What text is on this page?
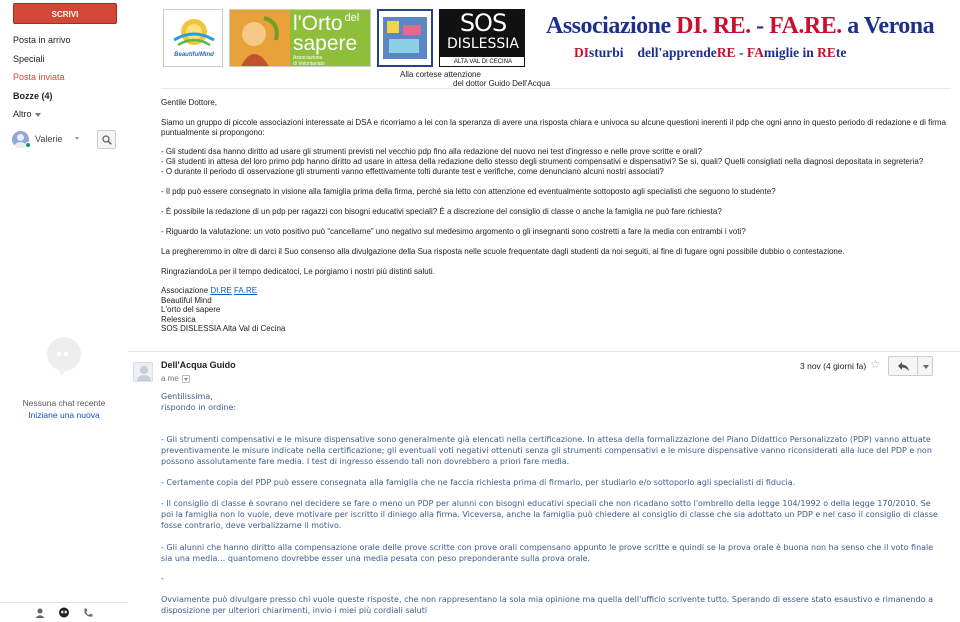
SCRIVI
Posta in arrivo
Speciali
Posta inviata
Bozze (4)
Altro
Valerie
Nessuna chat recente
Iniziane una nuova
BeautifulMind
l'Orto $^{del}$
sapere
Associazione
di Volontariato
SOS
DISLESSIA
ALTA VAL DI CECINA
Associazione DI. RE. - FA.RE. a Verona
DIsturbi dell'apprendeRE - FAmiglie in REte
Alla cortese attenzione
del dottor Guido Dell'Acqua
Gentile Dottore,
Siamo un gruppo di piccole associazioni interessate ai DSA e ricorriamo a lei con la speranza di avere una risposta chiara e univoca su alcune questioni inerenti il pdp che ogni anno in questo periodo di redazione e di firma puntualmente si propongono:
- Gli studenti dsa hanno diritto ad usare gli strumenti previsti nel vecchio pdp fino alla redazione del nuovo nei test d'ingresso e nelle prove scritte e orali?
- Gli studenti in attesa del loro primo pdp hanno diritto ad usare in attesa della redazione dello stesso degli strumenti compensativi e dispensativi? Se sì, quali? Quelli consigliati nella diagnosi depositata in segreteria?
- O durante il periodo di osservazione gli strumenti vanno effettivamente tolti durante test e verifiche, come denunciano alcuni nostri associati?
- Il pdp può essere consegnato in visione alla famiglia prima della firma, perché sia letto con attenzione ed eventualmente sottoposto agli specialisti che seguono lo studente?
- È possibile la redazione di un pdp per ragazzi con bisogni educativi speciali? È a discrezione del consiglio di classe o anche la famiglia ne può fare richiesta?
- Riguardo la valutazione: un voto positivo può “cancellarne” uno negativo sul medesimo argomento o gli insegnanti sono costretti a fare la media con entrambi i voti?
La pregheremmo in oltre di darci il Suo consenso alla divulgazione della Sua risposta nelle scuole frequentate dagli studenti da noi seguiti, al fine di fugare ogni possibile dubbio o contestazione.
RingraziandoLa per il tempo dedicatoci, Le porgiamo i nostri più distinti saluti.
Associazione DI.RE FA.RE
Beautiful Mind
L'orto del sapere
Relessica
SOS DISLESSIA Alta Val di Cecina
Dell'Acqua Guido
a me
3 nov (4 giorni fa) ☆
Gentilissima,
rispondo in ordine:
- Gli strumenti compensativi e le misure dispensative sono generalmente già elencati nella certificazione. In attesa della formalizzazione del Piano Didattico Personalizzato (PDP) vanno attuate preventivamente le misure indicate nella certificazione; gli eventuali voti negativi ottenuti senza gli strumenti compensativi e le misure dispensative vanno riconsiderati alla luce del PDP e non possono assolutamente fare media. I test di ingresso essendo tali non dovrebbero a priori fare media.
- Certamente copia del PDP può essere consegnata alla famiglia che ne faccia richiesta prima di firmarlo, per studiarlo e/o sottoporlo agli specialisti di fiducia.
- Il consiglio di classe è sovrano nel decidere se fare o meno un PDP per alunni con bisogni educativi speciali che non ricadano sotto l'ombrello della legge 104/1992 o della legge 170/2010. Se poi la famiglia non lo vuole, deve motivare per iscritto il diniego alla firma. Viceversa, anche la famiglia può chiedere al consiglio di classe che sia adottato un PDP e nel caso il consiglio di classe fosse contrario, deve verbalizzarne il motivo.
- Gli alunni che hanno diritto alla compensazione orale delle prove scritte con prove orali compensano appunto le prove scritte e quindi se la prova orale è buona non ha senso che il voto finale sia una media… quantomeno dovrebbe esser una media pesata con peso preponderante sulla prova orale.
-
Ovviamente può divulgare presso chi vuole queste risposte, che non rappresentano la sola mia opinione ma quella dell'ufficio scrivente tutto. Sperando di essere stato esaustivo e rimanendo a disposizione per ulteriori chiarimenti, invio i miei più cordiali saluti
